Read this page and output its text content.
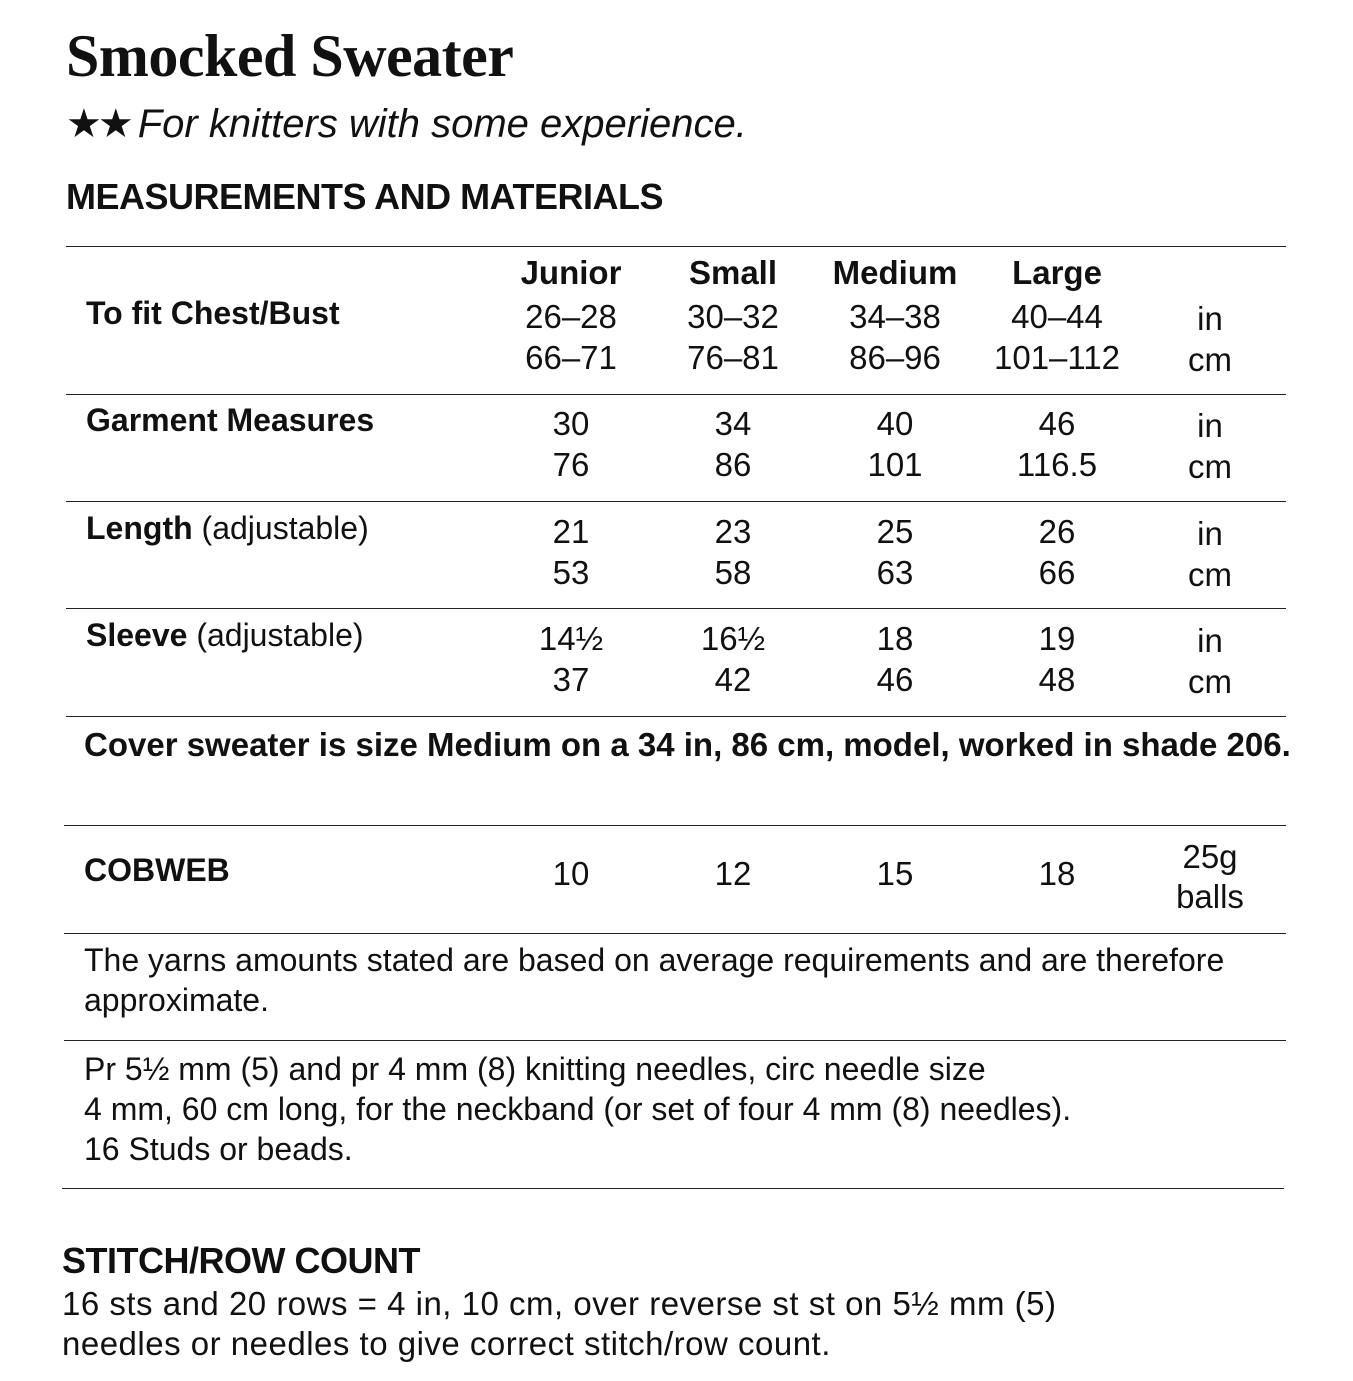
Smocked Sweater
★★ For knitters with some experience.
MEASUREMENTS AND MATERIALS
Junior	Small	Medium	Large
To fit Chest/Bust	26–28	30–32	34–38	40–44	in
66–71	76–81	86–96	101–112	cm
Garment Measures	30	34	40	46	in
76	86	101	116.5	cm
Length (adjustable)	21	23	25	26	in
53	58	63	66	cm
Sleeve (adjustable)	14½	16½	18	19	in
37	42	46	48	cm
Cover sweater is size Medium on a 34 in, 86 cm, model, worked in shade 206.
COBWEB	10	12	15	18	25g
balls
The yarns amounts stated are based on average requirements and are therefore approximate.
Pr 5½ mm (5) and pr 4 mm (8) knitting needles, circ needle size
4 mm, 60 cm long, for the neckband (or set of four 4 mm (8) needles).
16 Studs or beads.
STITCH/ROW COUNT
16 sts and 20 rows = 4 in, 10 cm, over reverse st st on 5½ mm (5)
needles or needles to give correct stitch/row count.
